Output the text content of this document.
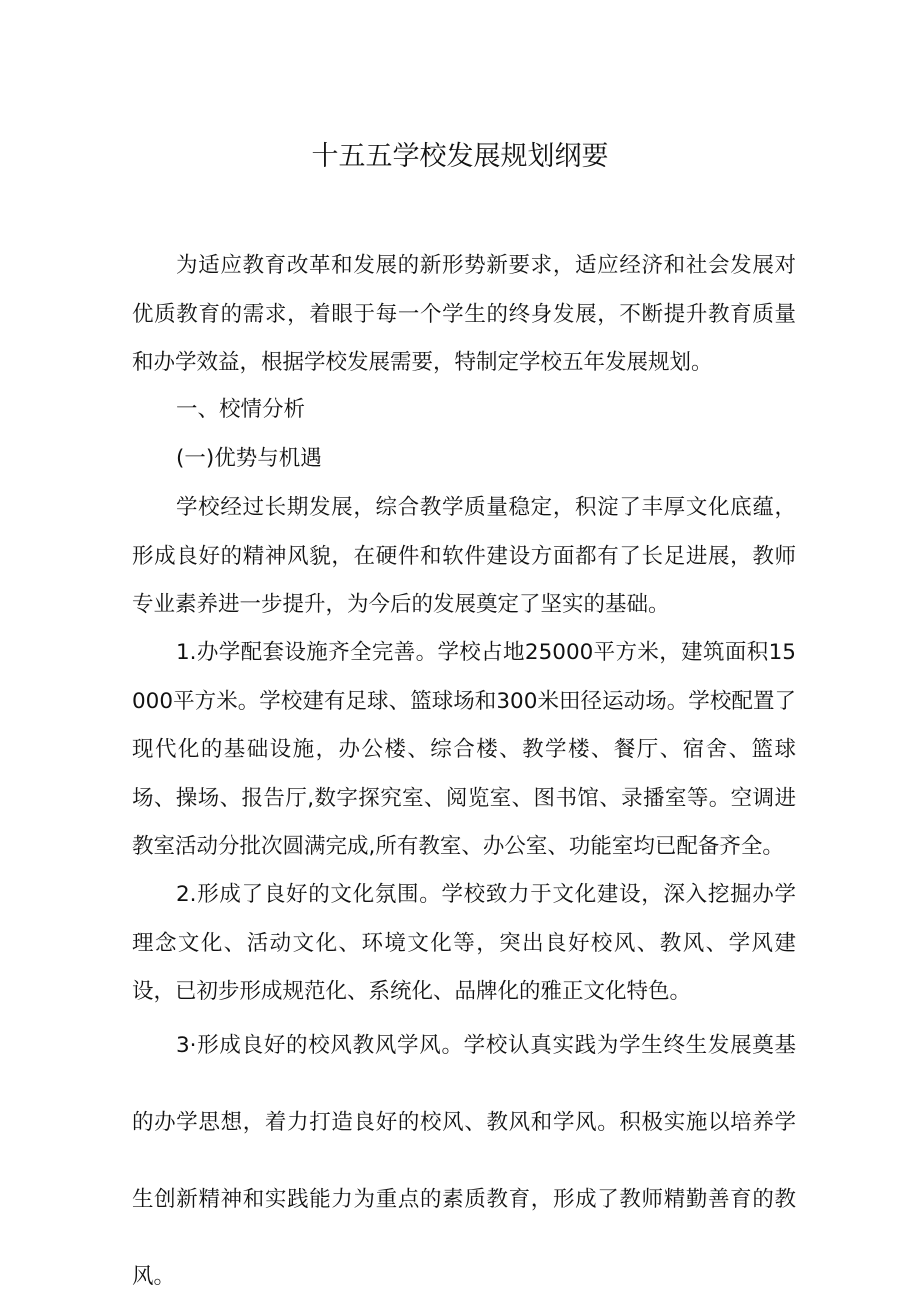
十五五学校发展规划纲要

为适应教育改革和发展的新形势新要求，适应经济和社会发展对优质教育的需求，着眼于每一个学生的终身发展，不断提升教育质量和办学效益，根据学校发展需要，特制定学校五年发展规划。

一、校情分析

(一)优势与机遇

学校经过长期发展，综合教学质量稳定，积淀了丰厚文化底蕴，形成良好的精神风貌，在硬件和软件建设方面都有了长足进展，教师专业素养进一步提升，为今后的发展奠定了坚实的基础。

1.办学配套设施齐全完善。学校占地25000平方米，建筑面积15000平方米。学校建有足球、篮球场和300米田径运动场。学校配置了现代化的基础设施，办公楼、综合楼、教学楼、餐厅、宿舍、篮球场、操场、报告厅,数字探究室、阅览室、图书馆、录播室等。空调进教室活动分批次圆满完成,所有教室、办公室、功能室均已配备齐全。

2.形成了良好的文化氛围。学校致力于文化建设，深入挖掘办学理念文化、活动文化、环境文化等，突出良好校风、教风、学风建设，已初步形成规范化、系统化、品牌化的雅正文化特色。

3·形成良好的校风教风学风。学校认真实践为学生终生发展奠基的办学思想，着力打造良好的校风、教风和学风。积极实施以培养学生创新精神和实践能力为重点的素质教育，形成了教师精勤善育的教风。
